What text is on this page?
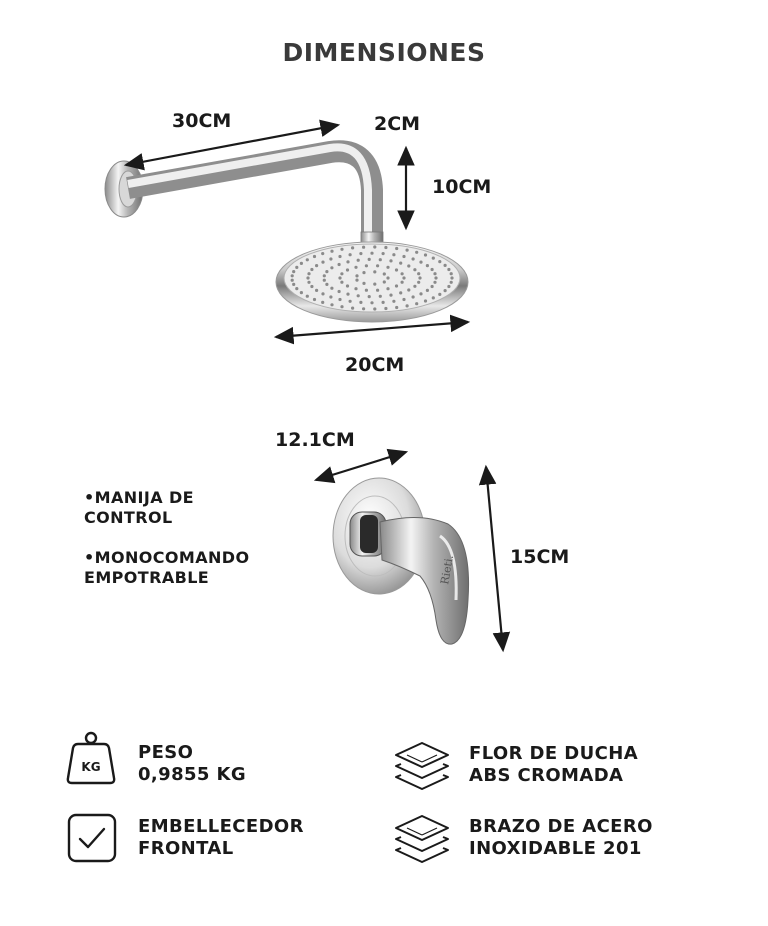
DIMENSIONES
Rieti.
30CM	2CM
10CM
20CM
12.1CM
15CM
•MANIJA DE
CONTROL
•MONOCOMANDO
EMPOTRABLE
KG
PESO
0,9855 KG
FLOR DE DUCHA
ABS CROMADA
EMBELLECEDOR
FRONTAL
BRAZO DE ACERO
INOXIDABLE 201
